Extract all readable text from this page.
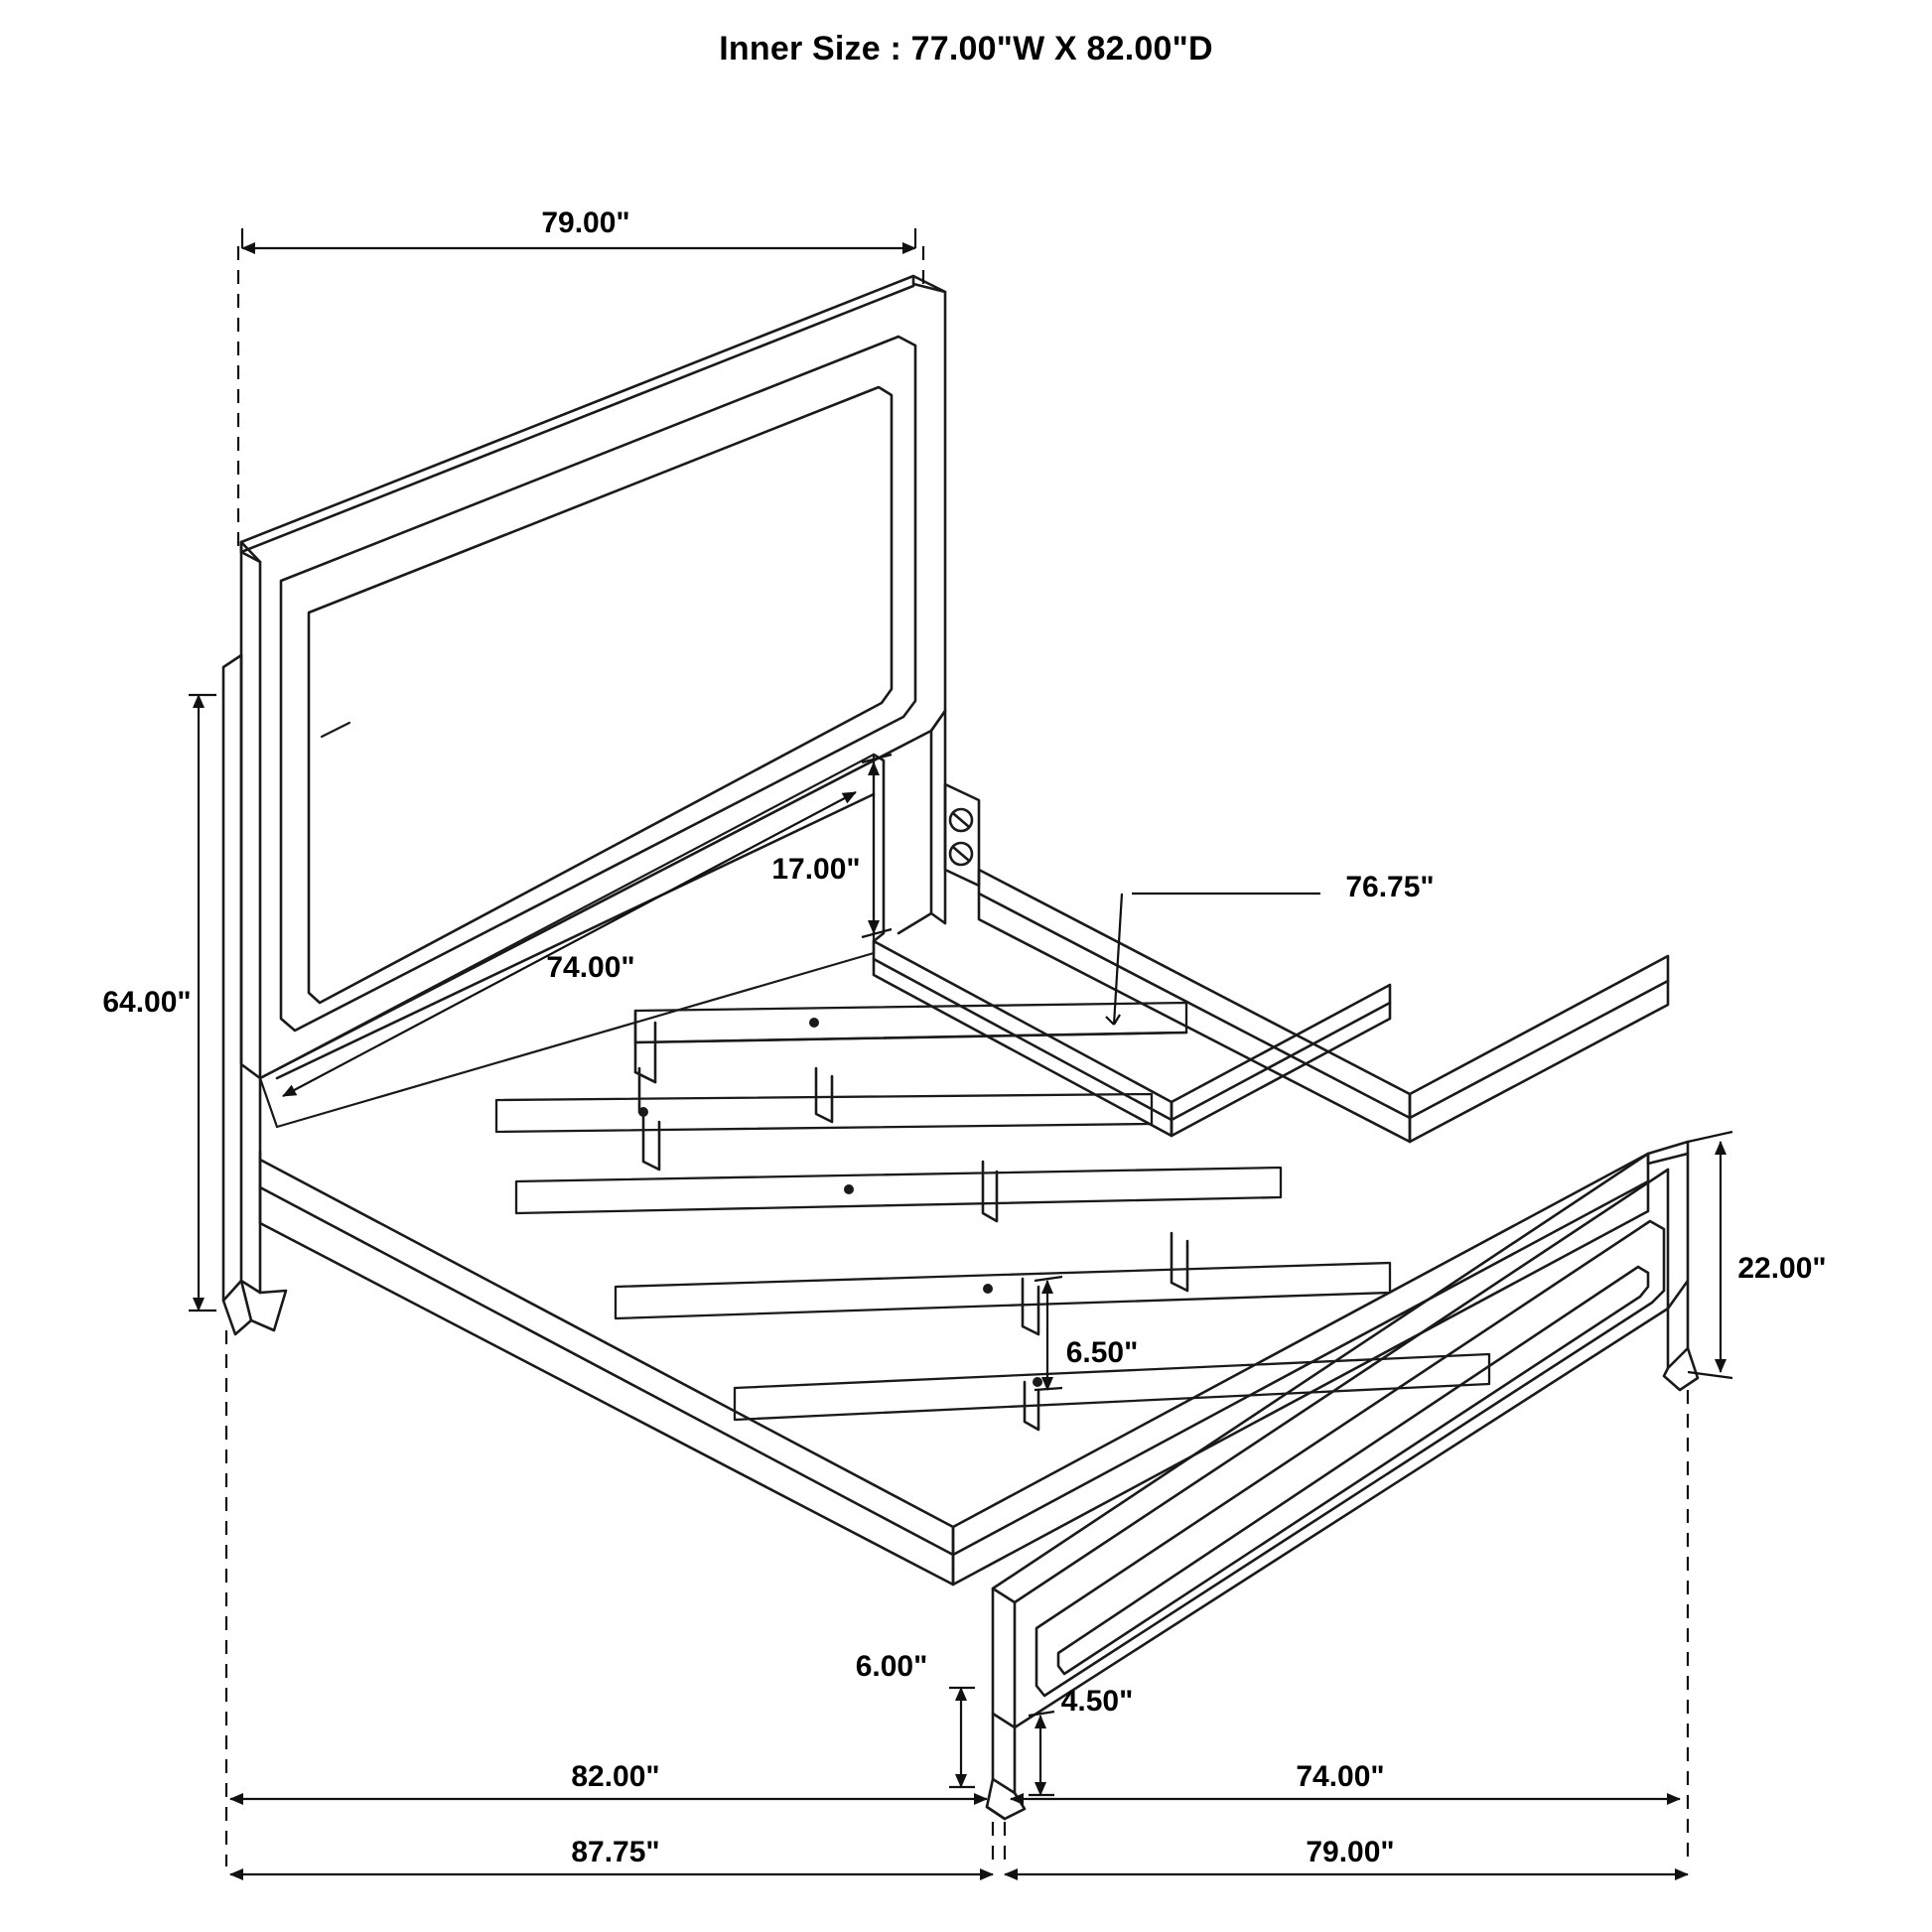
Inner Size : 77.00"W X 82.00"D
79.00"
64.00"
74.00"
17.00"
76.75"
22.00"
6.50"
6.00"
4.50"
82.00"	74.00"
87.75"	79.00"
